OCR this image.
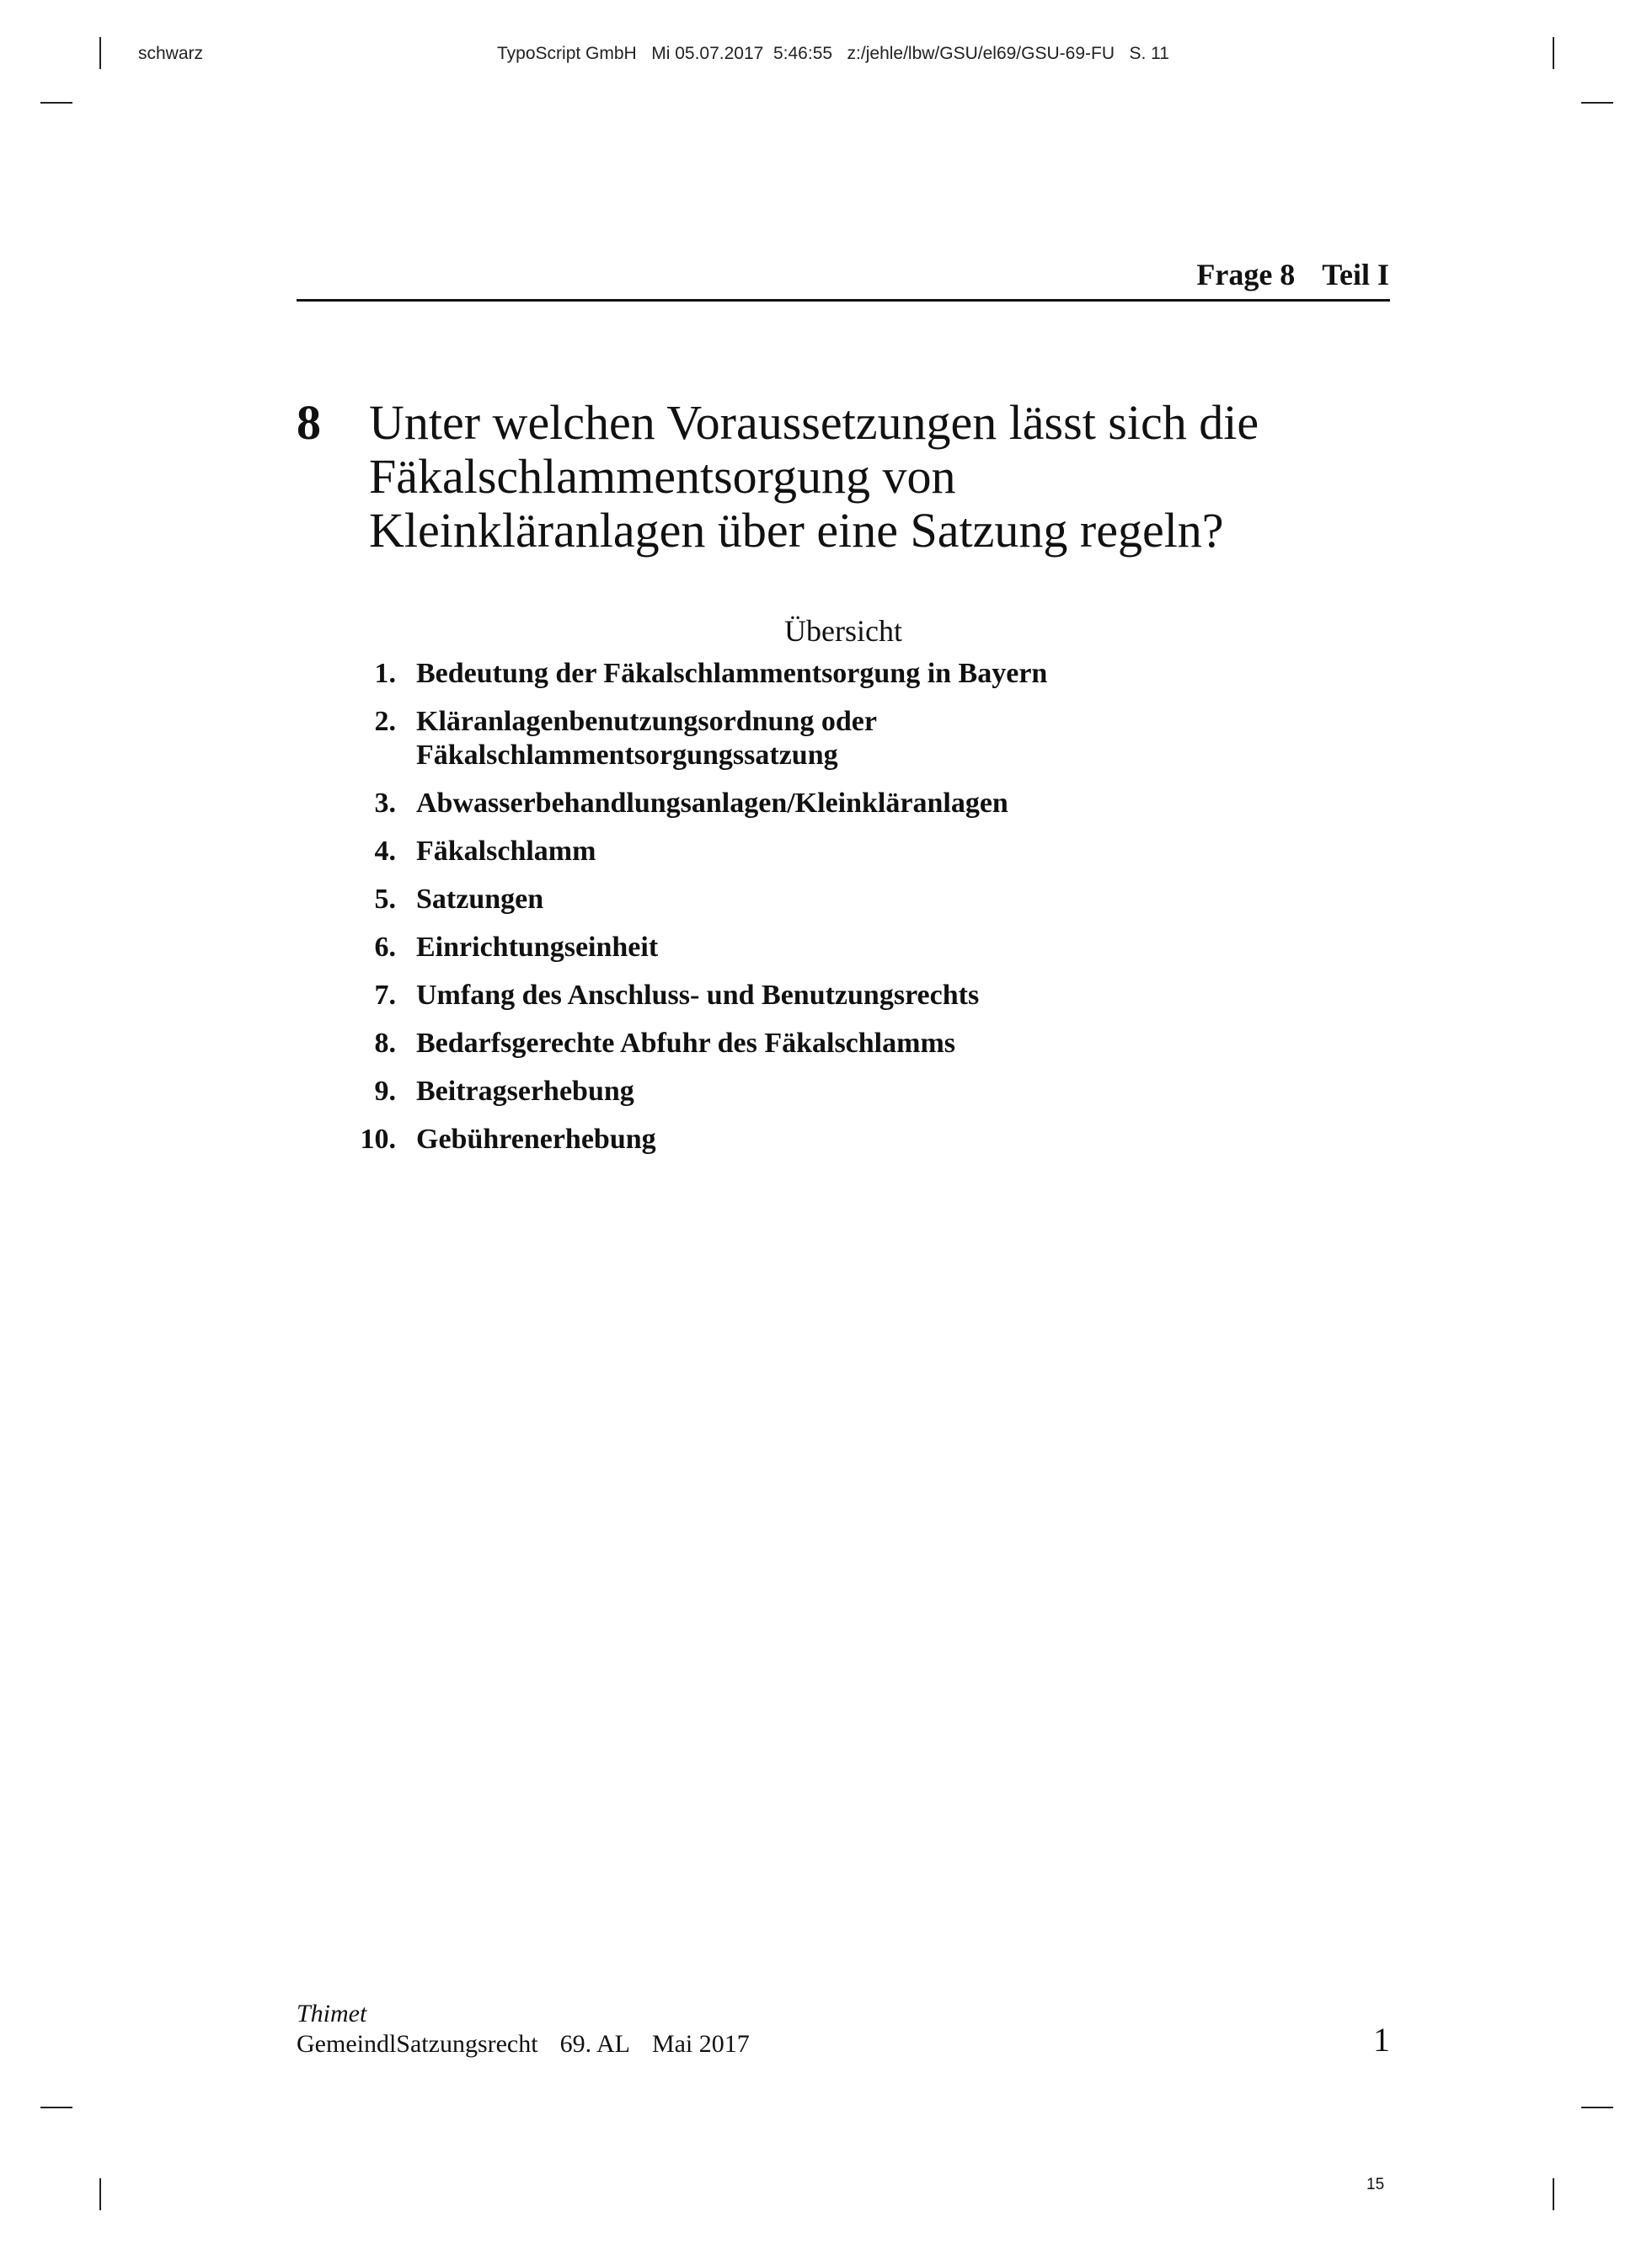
schwarz	TypoScript GmbH   Mi 05.07.2017  5:46:55   z:/jehle/lbw/GSU/el69/GSU-69-FU   S. 11
Frage 8 Teil I
8 Unter welchen Voraussetzungen lässt sich die
Fäkalschlammentsorgung von
Kleinkläranlagen über eine Satzung regeln?
Übersicht
1. Bedeutung der Fäkalschlammentsorgung in Bayern
2. Kläranlagenbenutzungsordnung oder
Fäkalschlammentsorgungssatzung
3. Abwasserbehandlungsanlagen/Kleinkläranlagen
4. Fäkalschlamm
5. Satzungen
6. Einrichtungseinheit
7. Umfang des Anschluss- und Benutzungsrechts
8. Bedarfsgerechte Abfuhr des Fäkalschlamms
9. Beitragserhebung
10. Gebührenerhebung
Thimet
GemeindlSatzungsrecht 69. AL Mai 2017	1
15
